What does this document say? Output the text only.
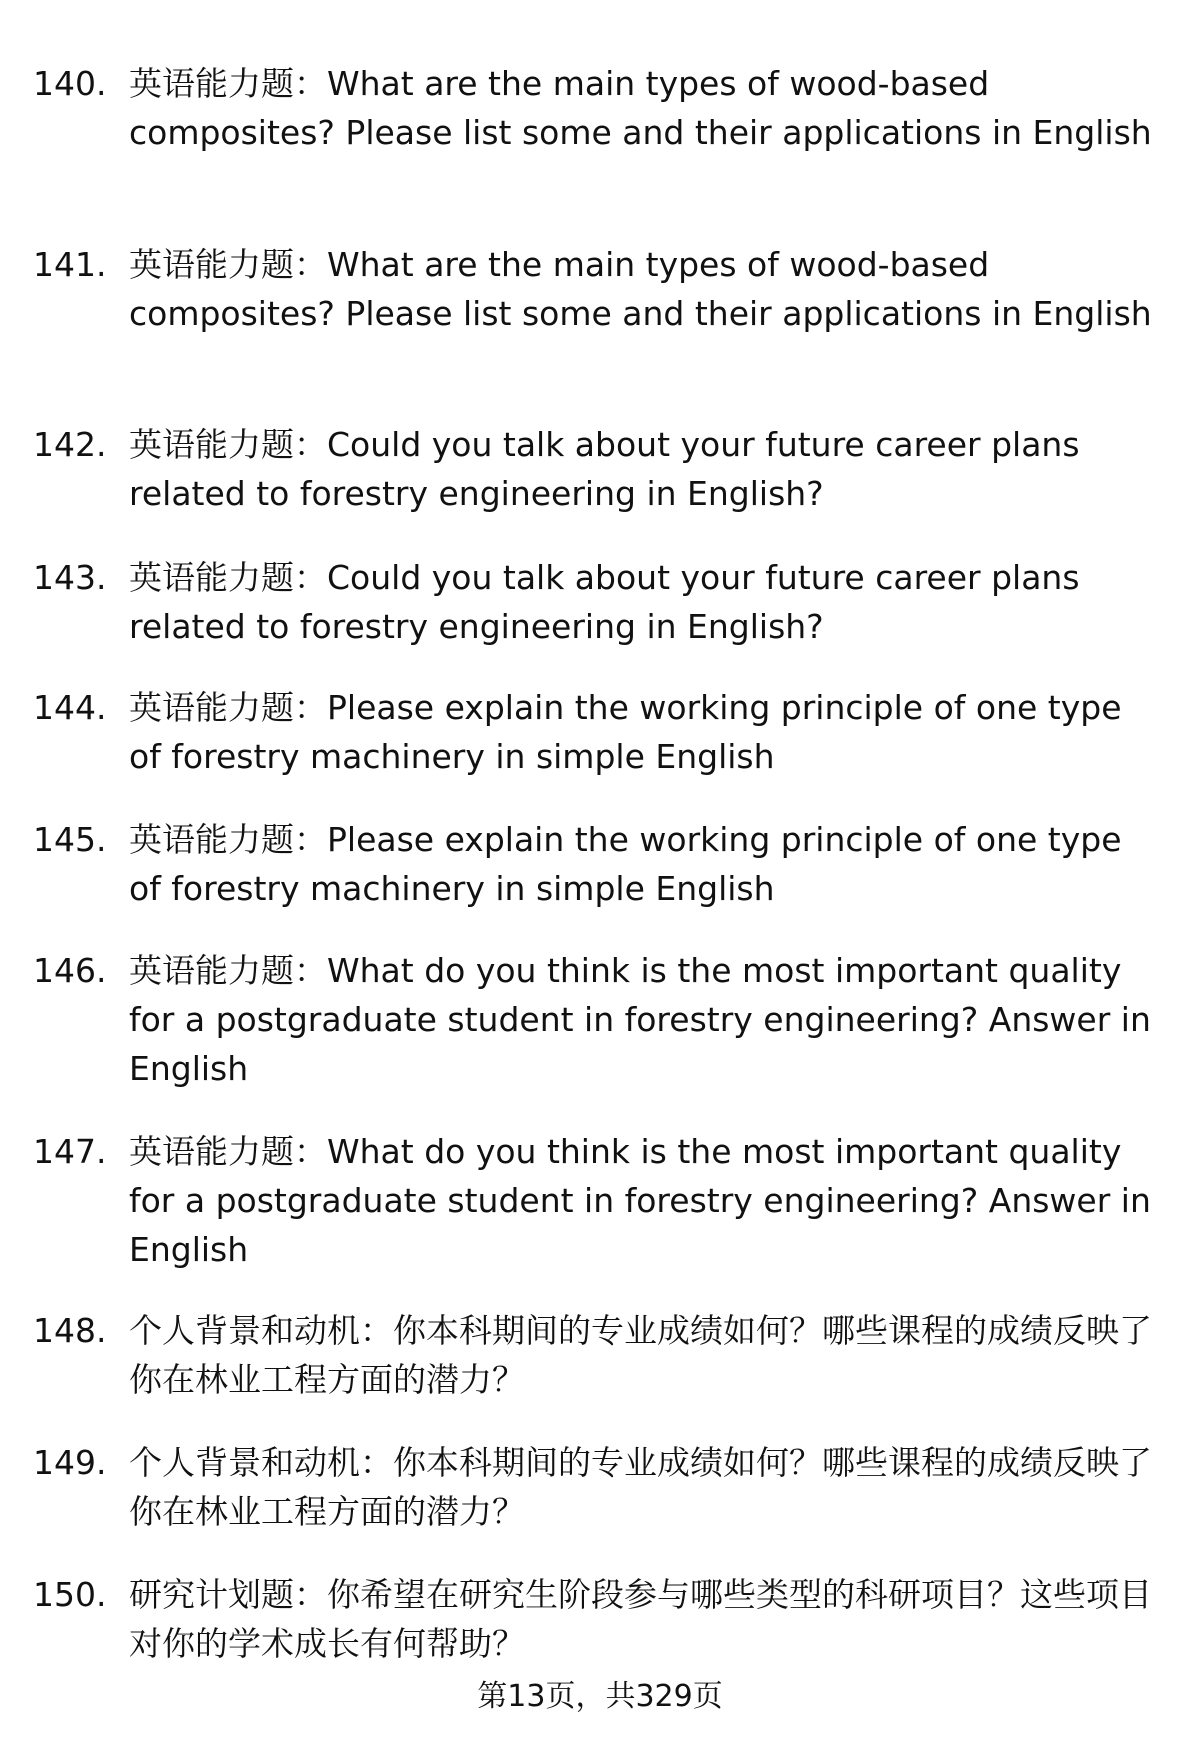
140. 英语能力题：What are the main types of wood-based composites? Please list some and their applications in English
141. 英语能力题：What are the main types of wood-based composites? Please list some and their applications in English
142. 英语能力题：Could you talk about your future career plans related to forestry engineering in English?
143. 英语能力题：Could you talk about your future career plans related to forestry engineering in English?
144. 英语能力题：Please explain the working principle of one type of forestry machinery in simple English
145. 英语能力题：Please explain the working principle of one type of forestry machinery in simple English
146. 英语能力题：What do you think is the most important quality for a postgraduate student in forestry engineering? Answer in English
147. 英语能力题：What do you think is the most important quality for a postgraduate student in forestry engineering? Answer in English
148. 个人背景和动机：你本科期间的专业成绩如何？哪些课程的成绩反映了你在林业工程方面的潜力？
149. 个人背景和动机：你本科期间的专业成绩如何？哪些课程的成绩反映了你在林业工程方面的潜力？
150. 研究计划题：你希望在研究生阶段参与哪些类型的科研项目？这些项目对你的学术成长有何帮助？
第13页，共329页
